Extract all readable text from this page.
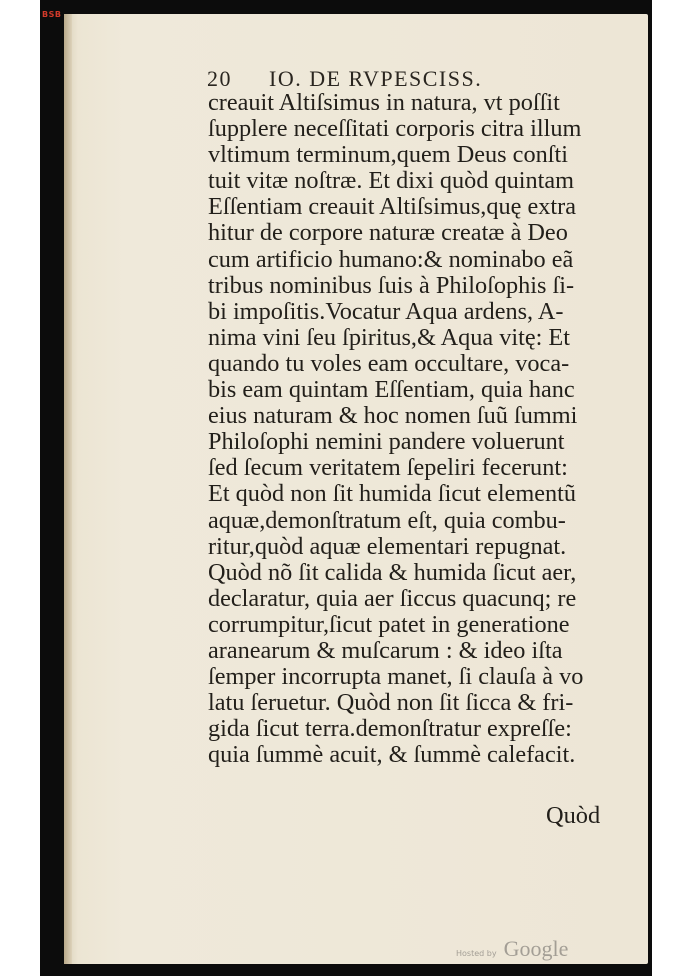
BSB
20 IO. DE RVPESCISS.
creauit Altiſsimus in natura, vt poſſit
ſupplere neceſſitati corporis citra illum
vltimum terminum,quem Deus conſti
tuit vitæ noſtræ. Et dixi quòd quintam
Eſſentiam creauit Altiſsimus,quę extra
hitur de corpore naturæ creatæ à Deo
cum artificio humano:& nominabo eã
tribus nominibus ſuis à Philoſophis ſi-
bi impoſitis.Vocatur Aqua ardens, A-
nima vini ſeu ſpiritus,& Aqua vitę: Et
quando tu voles eam occultare, voca-
bis eam quintam Eſſentiam, quia hanc
eius naturam & hoc nomen ſuũ ſummi
Philoſophi nemini pandere voluerunt
ſed ſecum veritatem ſepeliri fecerunt:
Et quòd non ſit humida ſicut elementũ
aquæ,demonſtratum eſt, quia combu-
ritur,quòd aquæ elementari repugnat.
Quòd nõ ſit calida & humida ſicut aer,
declaratur, quia aer ſiccus quacunq; re
corrumpitur,ſicut patet in generatione
aranearum & muſcarum : & ideo iſta
ſemper incorrupta manet, ſi clauſa à vo
latu ſeruetur. Quòd non ſit ſicca & fri-
gida ſicut terra.demonſtratur expreſſe:
quia ſummè acuit, & ſummè calefacit.
Quòd
Hosted by Google
